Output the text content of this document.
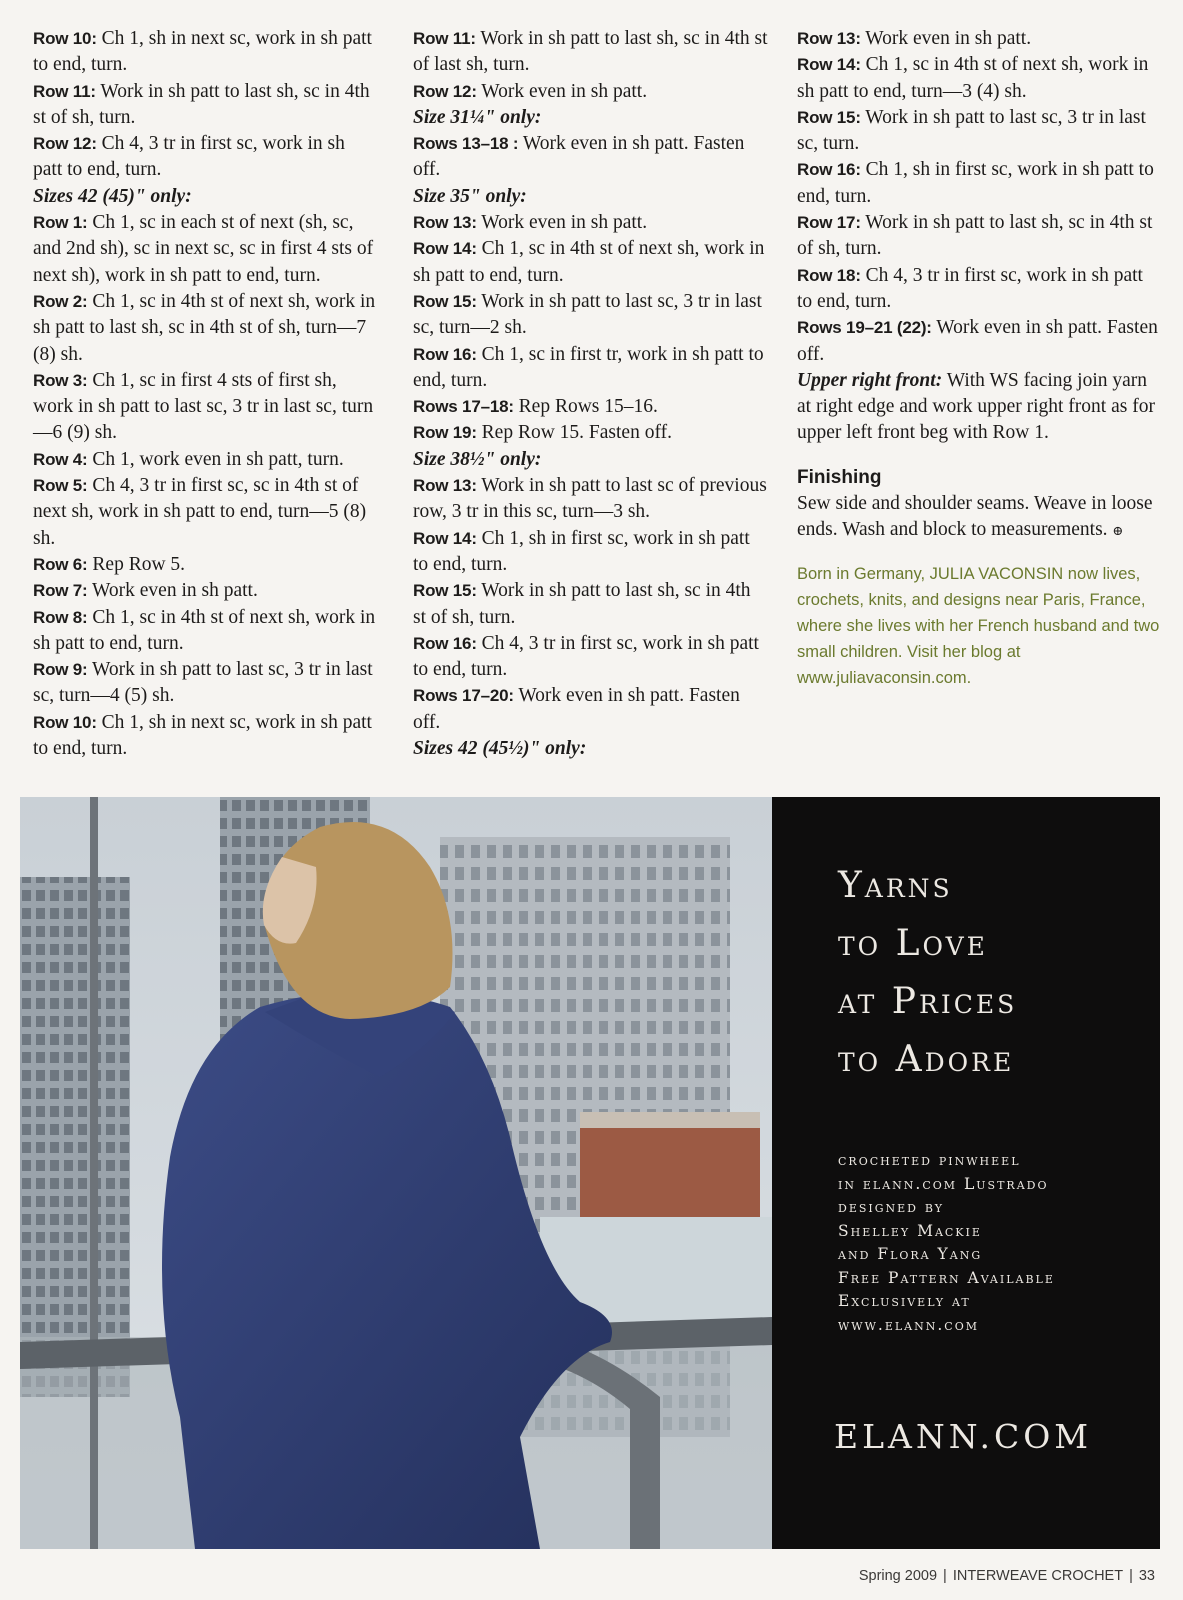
Row 10: Ch 1, sh in next sc, work in sh patt to end, turn.

Row 11: Work in sh patt to last sh, sc in 4th st of sh, turn.

Row 12: Ch 4, 3 tr in first sc, work in sh patt to end, turn.

Sizes 42 (45)" only:

Row 1: Ch 1, sc in each st of next (sh, sc, and 2nd sh), sc in next sc, sc in first 4 sts of next sh), work in sh patt to end, turn.

Row 2: Ch 1, sc in 4th st of next sh, work in sh patt to last sh, sc in 4th st of sh, turn—7 (8) sh.

Row 3: Ch 1, sc in first 4 sts of first sh, work in sh patt to last sc, 3 tr in last sc, turn—6 (9) sh.

Row 4: Ch 1, work even in sh patt, turn.

Row 5: Ch 4, 3 tr in first sc, sc in 4th st of next sh, work in sh patt to end, turn—5 (8) sh.

Row 6: Rep Row 5.

Row 7: Work even in sh patt.

Row 8: Ch 1, sc in 4th st of next sh, work in sh patt to end, turn.

Row 9: Work in sh patt to last sc, 3 tr in last sc, turn—4 (5) sh.

Row 10: Ch 1, sh in next sc, work in sh patt to end, turn.

Row 11: Work in sh patt to last sh, sc in 4th st of last sh, turn.

Row 12: Work even in sh patt.

Size 31¼" only:

Rows 13–18 : Work even in sh patt. Fasten off.

Size 35" only:

Row 13: Work even in sh patt.

Row 14: Ch 1, sc in 4th st of next sh, work in sh patt to end, turn.

Row 15: Work in sh patt to last sc, 3 tr in last sc, turn—2 sh.

Row 16: Ch 1, sc in first tr, work in sh patt to end, turn.

Rows 17–18: Rep Rows 15–16.

Row 19: Rep Row 15. Fasten off.

Size 38½" only:

Row 13: Work in sh patt to last sc of previous row, 3 tr in this sc, turn—3 sh.

Row 14: Ch 1, sh in first sc, work in sh patt to end, turn.

Row 15: Work in sh patt to last sh, sc in 4th st of sh, turn.

Row 16: Ch 4, 3 tr in first sc, work in sh patt to end, turn.

Rows 17–20: Work even in sh patt. Fasten off.

Sizes 42 (45½)" only:

Row 13: Work even in sh patt.

Row 14: Ch 1, sc in 4th st of next sh, work in sh patt to end, turn—3 (4) sh.

Row 15: Work in sh patt to last sc, 3 tr in last sc, turn.

Row 16: Ch 1, sh in first sc, work in sh patt to end, turn.

Row 17: Work in sh patt to last sh, sc in 4th st of sh, turn.

Row 18: Ch 4, 3 tr in first sc, work in sh patt to end, turn.

Rows 19–21 (22): Work even in sh patt. Fasten off.

Upper right front: With WS facing join yarn at right edge and work upper right front as for upper left front beg with Row 1.

Finishing

Sew side and shoulder seams. Weave in loose ends. Wash and block to measurements. ⊕

Born in Germany, JULIA VACONSIN now lives, crochets, knits, and designs near Paris, France, where she lives with her French husband and two small children. Visit her blog at www.juliavaconsin.com.

Yarns
to Love
at Prices
to Adore
crocheted pinwheel
in elann.com Lustrado
designed by
Shelley Mackie
and Flora Yang
Free Pattern Available
Exclusively at
www.elann.com

ELANN.COM

Spring 2009 | INTERWEAVE CROCHET | 33
